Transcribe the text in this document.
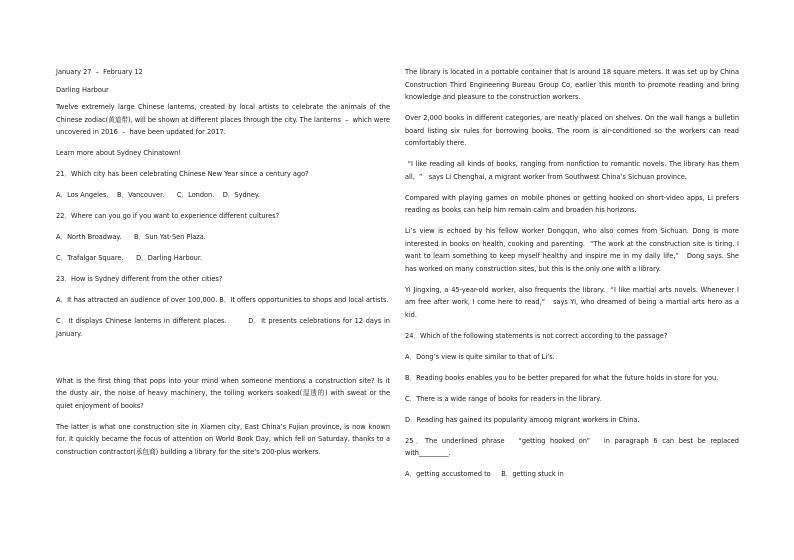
January 27  –  February 12
Darling Harbour
Twelve extremely large Chinese lanterns, created by local artists to celebrate the animals of the Chinese zodiac(黄道带), will be shown at different places through the city. The lanterns  –  which were uncovered in 2016  –  have been updated for 2017.
Learn more about Sydney Chinatown!
21．Which city has been celebrating Chinese New Year since a century ago?
A．Los Angeles.    B．Vancouver.      C．London.    D．Sydney.
22．Where can you go if you want to experience different cultures?
A．North Broadway.      B．Sun Yat-Sen Plaza.
C．Trafalgar Square.      D．Darling Harbour.
23．How is Sydney different from the other cities?
A．It has attracted an audience of over 100,000. B．It offers opportunities to shops and local artists.
C．It displays Chinese lanterns in different places.        D．It presents celebrations for 12 days in January.
What is the first thing that pops into your mind when someone mentions a construction site? Is it the dusty air, the noise of heavy machinery, the toiling workers soaked(湿透的) with sweat or the quiet enjoyment of books?
The latter is what one construction site in Xiamen city, East China’s Fujian province, is now known for. It quickly became the focus of attention on World Book Day, which fell on Saturday, thanks to a construction contractor(承包商) building a library for the site’s 200-plus workers.
The library is located in a portable container that is around 18 square meters. It was set up by China Construction Third Engineering Bureau Group Co, earlier this month to promote reading and bring knowledge and pleasure to the construction workers.
Over 2,000 books in different categories, are neatly placed on shelves. On the wall hangs a bulletin board listing six rules for borrowing books. The room is air-conditioned so the workers can read comfortably there.
“I like reading all kinds of books, ranging from nonfiction to romantic novels. The library has them all,  ”   says Li Chenghai, a migrant worker from Southwest China’s Sichuan province.
Compared with playing games on mobile phones or getting hooked on short-video apps, Li prefers reading as books can help him remain calm and broaden his horizons.
Li’s view is echoed by his fellow worker Dongqun, who also comes from Sichuan. Dong is more interested in books on health, cooking and parenting.  “The work at the construction site is tiring. I want to learn something to keep myself healthy and inspire me in my daily life,”   Dong says. She has worked on many construction sites, but this is the only one with a library.
Yi Jingxing, a 45-year-old worker, also frequents the library.  “I like martial arts novels. Whenever I am free after work, I come here to read,”   says Yi, who dreamed of being a martial arts hero as a kid.
24．Which of the following statements is not correct according to the passage?
A．Dong’s view is quite similar to that of Li’s.
B．Reading books enables you to be better prepared for what the future holds in store for you.
C．There is a wide range of books for readers in the library.
D．Reading has gained its popularity among migrant workers in China.
25．The underlined phrase   “getting hooked on”   in paragraph 6 can best be replaced with_________.
A．getting accustomed to     B．getting stuck in
